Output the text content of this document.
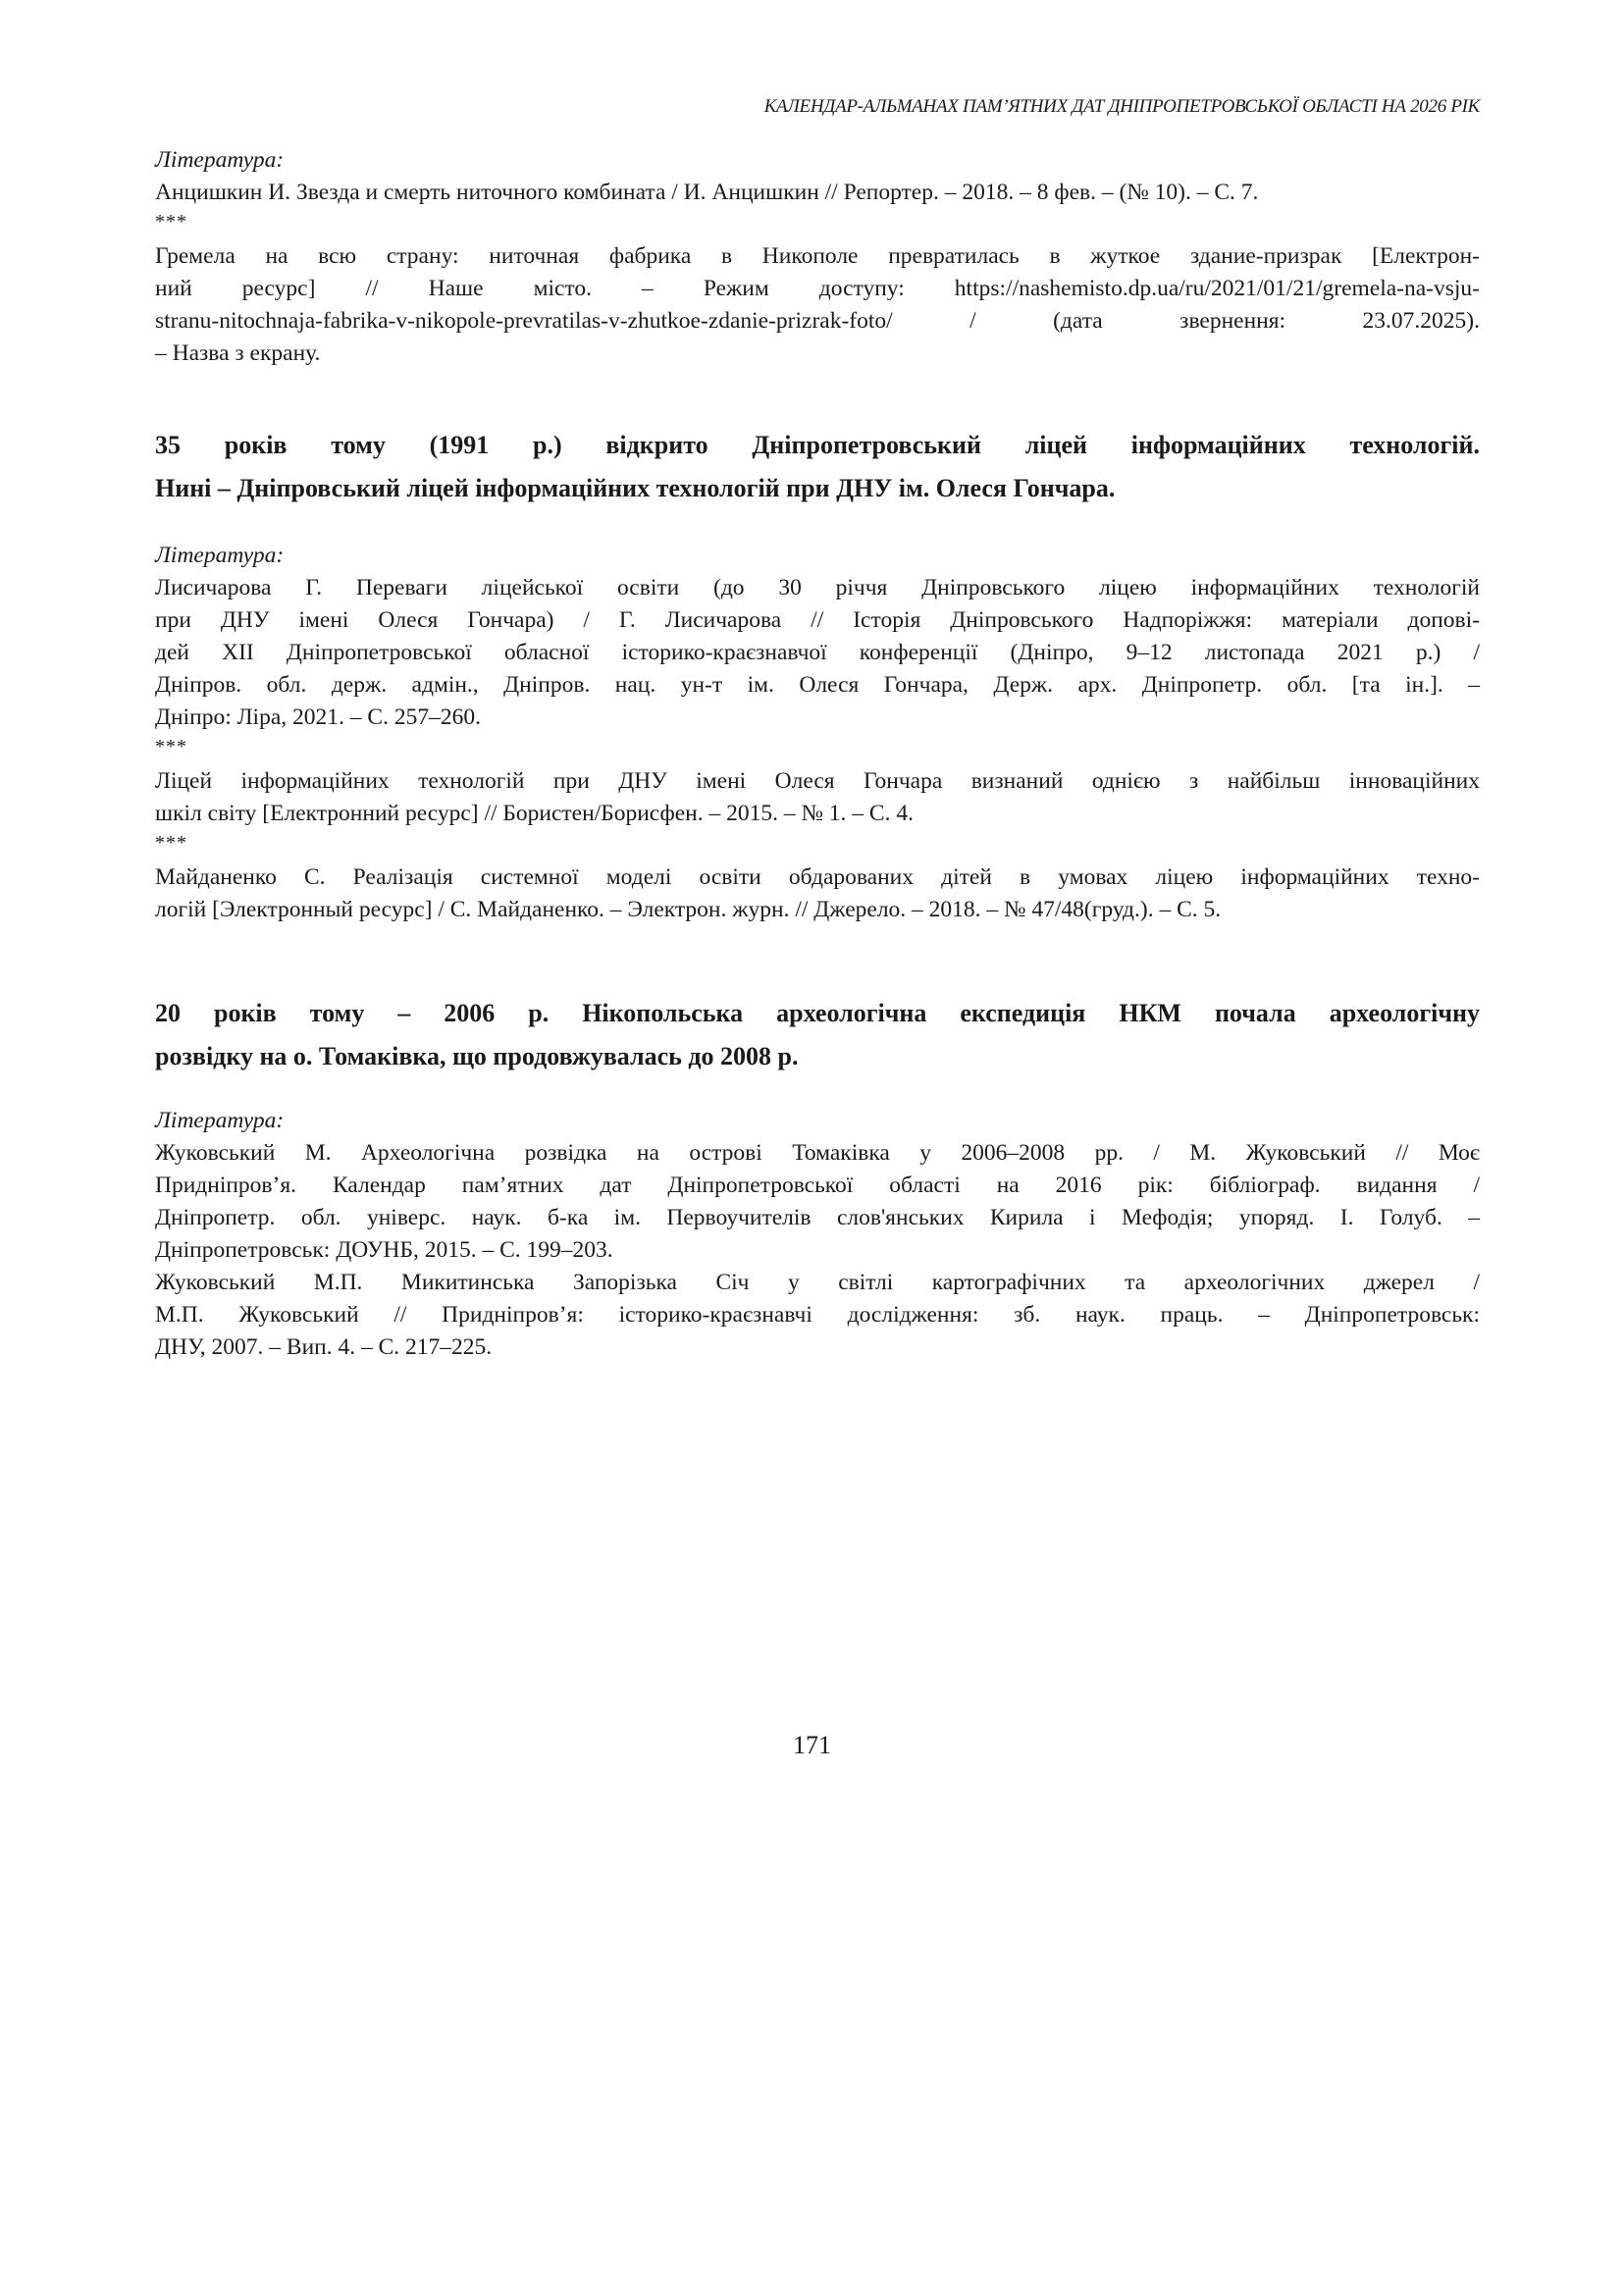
КАЛЕНДАР-АЛЬМАНАХ ПАМ’ЯТНИХ ДАТ ДНІПРОПЕТРОВСЬКОЇ ОБЛАСТІ НА 2026 РІК
Література:
Анцишкин И. Звезда и смерть ниточного комбината / И. Анцишкин // Репортер. – 2018. – 8 фев. – (№ 10). – С. 7.
***
Гремела на всю страну: ниточная фабрика в Никополе превратилась в жуткое здание-призрак [Електрон-
ний ресурс] // Наше місто. – Режим доступу: https://nashemisto.dp.ua/ru/2021/01/21/gremela-na-vsju-
stranu-nitochnaja-fabrika-v-nikopole-prevratilas-v-zhutkoe-zdanie-prizrak-foto/ / (дата звернення: 23.07.2025).
– Назва з екрану.
35 років тому (1991 р.) відкрито Дніпропетровський ліцей інформаційних технологій.
Нині – Дніпровський ліцей інформаційних технологій при ДНУ ім. Олеся Гончара.
Література:
Лисичарова Г. Переваги ліцейської освіти (до 30 річчя Дніпровського ліцею інформаційних технологій
при ДНУ імені Олеся Гончара) / Г. Лисичарова // Історія Дніпровського Надпоріжжя: матеріали допові-
дей XII Дніпропетровської обласної історико-краєзнавчої конференції (Дніпро, 9–12 листопада 2021 р.) /
Дніпров. обл. держ. адмін., Дніпров. нац. ун-т ім. Олеся Гончара, Держ. арх. Дніпропетр. обл. [та ін.]. –
Дніпро: Ліра, 2021. – С. 257–260.
***
Ліцей інформаційних технологій при ДНУ імені Олеся Гончара визнаний однією з найбільш інноваційних
шкіл світу [Електронний ресурс] // Бористен/Борисфен. – 2015. – № 1. – С. 4.
***
Майданенко С. Реалізація системної моделі освіти обдарованих дітей в умовах ліцею інформаційних техно-
логій [Электронный ресурс] / С. Майданенко. – Электрон. журн. // Джерело. – 2018. – № 47/48(груд.). – С. 5.
20 років тому – 2006 р. Нікопольська археологічна експедиція НКМ почала археологічну
розвідку на о. Томаківка, що продовжувалась до 2008 р.
Література:
Жуковський М. Археологічна розвідка на острові Томаківка у 2006–2008 рр. / М. Жуковський // Моє
Придніпров’я. Календар пам’ятних дат Дніпропетровської області на 2016 рік: бібліограф. видання /
Дніпропетр. обл. універс. наук. б-ка ім. Первоучителів слов'янських Кирила і Мефодія; упоряд. І. Голуб. –
Дніпропетровськ: ДОУНБ, 2015. – С. 199–203.
Жуковський М.П. Микитинська Запорізька Січ у світлі картографічних та археологічних джерел /
М.П. Жуковський // Придніпров’я: історико-краєзнавчі дослідження: зб. наук. праць. – Дніпропетровськ:
ДНУ, 2007. – Вип. 4. – С. 217–225.
171
